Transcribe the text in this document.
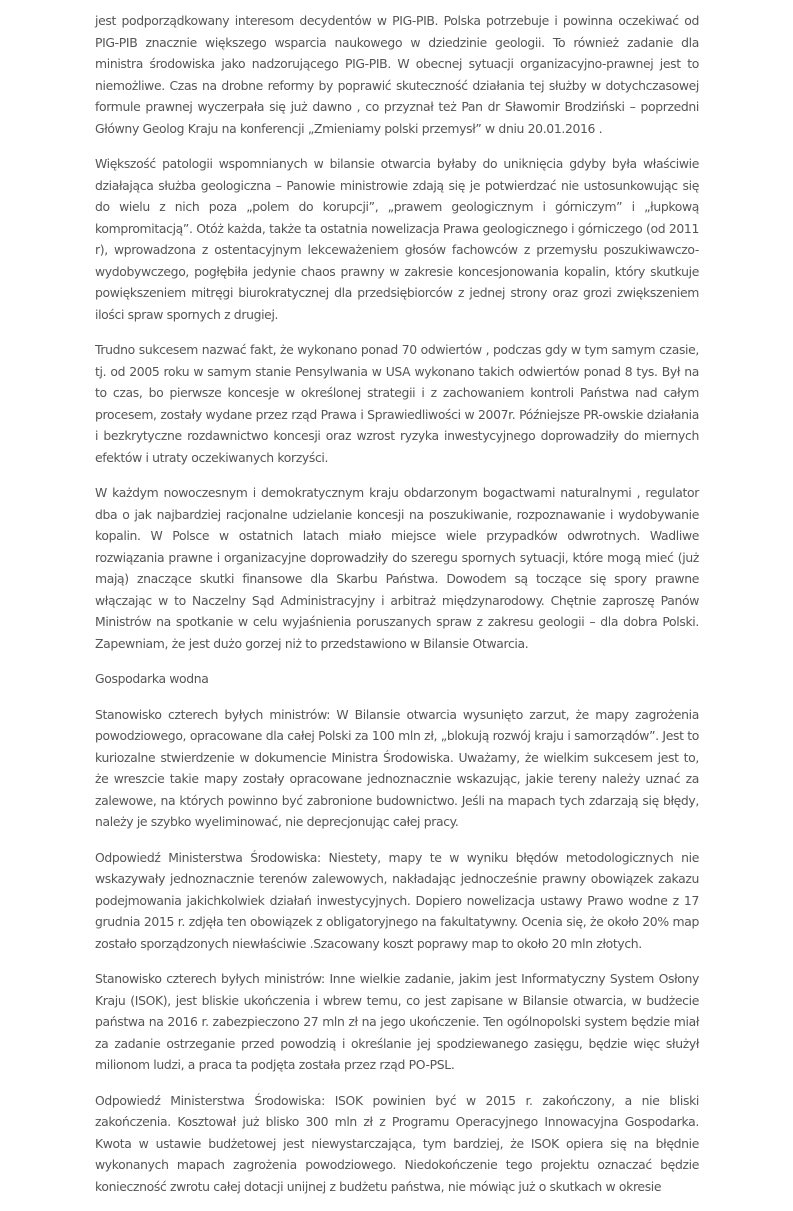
jest podporządkowany interesom decydentów w PIG-PIB. Polska potrzebuje i powinna oczekiwać od PIG-PIB znacznie większego wsparcia naukowego w dziedzinie geologii. To również zadanie dla ministra środowiska jako nadzorującego PIG-PIB. W obecnej sytuacji organizacyjno-prawnej jest to niemożliwe. Czas na drobne reformy by poprawić skuteczność działania tej służby w dotychczasowej formule prawnej wyczerpała się już dawno , co przyznał też Pan dr Sławomir Brodziński – poprzedni Główny Geolog Kraju na konferencji „Zmieniamy polski przemysł” w dniu 20.01.2016 .

Większość patologii wspomnianych w bilansie otwarcia byłaby do uniknięcia gdyby była właściwie działająca służba geologiczna – Panowie ministrowie zdają się je potwierdzać nie ustosunkowując się do wielu z nich poza „polem do korupcji”, „prawem geologicznym i górniczym” i „łupkową kompromitacją”. Otóż każda, także ta ostatnia nowelizacja Prawa geologicznego i górniczego (od 2011 r), wprowadzona z ostentacyjnym lekceważeniem głosów fachowców z przemysłu poszukiwawczo-wydobywczego, pogłębiła jedynie chaos prawny w zakresie koncesjonowania kopalin, który skutkuje powiększeniem mitręgi biurokratycznej dla przedsiębiorców z jednej strony oraz grozi zwiększeniem ilości spraw spornych z drugiej.

Trudno sukcesem nazwać fakt, że wykonano ponad 70 odwiertów , podczas gdy w tym samym czasie, tj. od 2005 roku w samym stanie Pensylwania w USA wykonano takich odwiertów ponad 8 tys. Był na to czas, bo pierwsze koncesje w określonej strategii i z zachowaniem kontroli Państwa nad całym procesem, zostały wydane przez rząd Prawa i Sprawiedliwości w 2007r. Późniejsze PR-owskie działania i bezkrytyczne rozdawnictwo koncesji oraz wzrost ryzyka inwestycyjnego doprowadziły do miernych efektów i utraty oczekiwanych korzyści.

W każdym nowoczesnym i demokratycznym kraju obdarzonym bogactwami naturalnymi , regulator dba o jak najbardziej racjonalne udzielanie koncesji na poszukiwanie, rozpoznawanie i wydobywanie kopalin. W Polsce w ostatnich latach miało miejsce wiele przypadków odwrotnych. Wadliwe rozwiązania prawne i organizacyjne doprowadziły do szeregu spornych sytuacji, które mogą mieć (już mają) znaczące skutki finansowe dla Skarbu Państwa. Dowodem są toczące się spory prawne włączając w to Naczelny Sąd Administracyjny i arbitraż międzynarodowy. Chętnie zaproszę Panów Ministrów na spotkanie w celu wyjaśnienia poruszanych spraw z zakresu geologii – dla dobra Polski. Zapewniam, że jest dużo gorzej niż to przedstawiono w Bilansie Otwarcia.

Gospodarka wodna

Stanowisko czterech byłych ministrów: W Bilansie otwarcia wysunięto zarzut, że mapy zagrożenia powodziowego, opracowane dla całej Polski za 100 mln zł, „blokują rozwój kraju i samorządów”. Jest to kuriozalne stwierdzenie w dokumencie Ministra Środowiska. Uważamy, że wielkim sukcesem jest to, że wreszcie takie mapy zostały opracowane jednoznacznie wskazując, jakie tereny należy uznać za zalewowe, na których powinno być zabronione budownictwo. Jeśli na mapach tych zdarzają się błędy, należy je szybko wyeliminować, nie deprecjonując całej pracy.

Odpowiedź Ministerstwa Środowiska: Niestety, mapy te w wyniku błędów metodologicznych nie wskazywały jednoznacznie terenów zalewowych, nakładając jednocześnie prawny obowiązek zakazu podejmowania jakichkolwiek działań inwestycyjnych. Dopiero nowelizacja ustawy Prawo wodne z 17 grudnia 2015 r. zdjęła ten obowiązek z obligatoryjnego na fakultatywny. Ocenia się, że około 20% map zostało sporządzonych niewłaściwie .Szacowany koszt poprawy map to około 20 mln złotych.

Stanowisko czterech byłych ministrów: Inne wielkie zadanie, jakim jest Informatyczny System Osłony Kraju (ISOK), jest bliskie ukończenia i wbrew temu, co jest zapisane w Bilansie otwarcia, w budżecie państwa na 2016 r. zabezpieczono 27 mln zł na jego ukończenie. Ten ogólnopolski system będzie miał za zadanie ostrzeganie przed powodzią i określanie jej spodziewanego zasięgu, będzie więc służył milionom ludzi, a praca ta podjęta została przez rząd PO-PSL.

Odpowiedź Ministerstwa Środowiska: ISOK powinien być w 2015 r. zakończony, a nie bliski zakończenia. Kosztował już blisko 300 mln zł z Programu Operacyjnego Innowacyjna Gospodarka. Kwota w ustawie budżetowej jest niewystarczająca, tym bardziej, że ISOK opiera się na błędnie wykonanych mapach zagrożenia powodziowego. Niedokończenie tego projektu oznaczać będzie konieczność zwrotu całej dotacji unijnej z budżetu państwa, nie mówiąc już o skutkach w okresie
